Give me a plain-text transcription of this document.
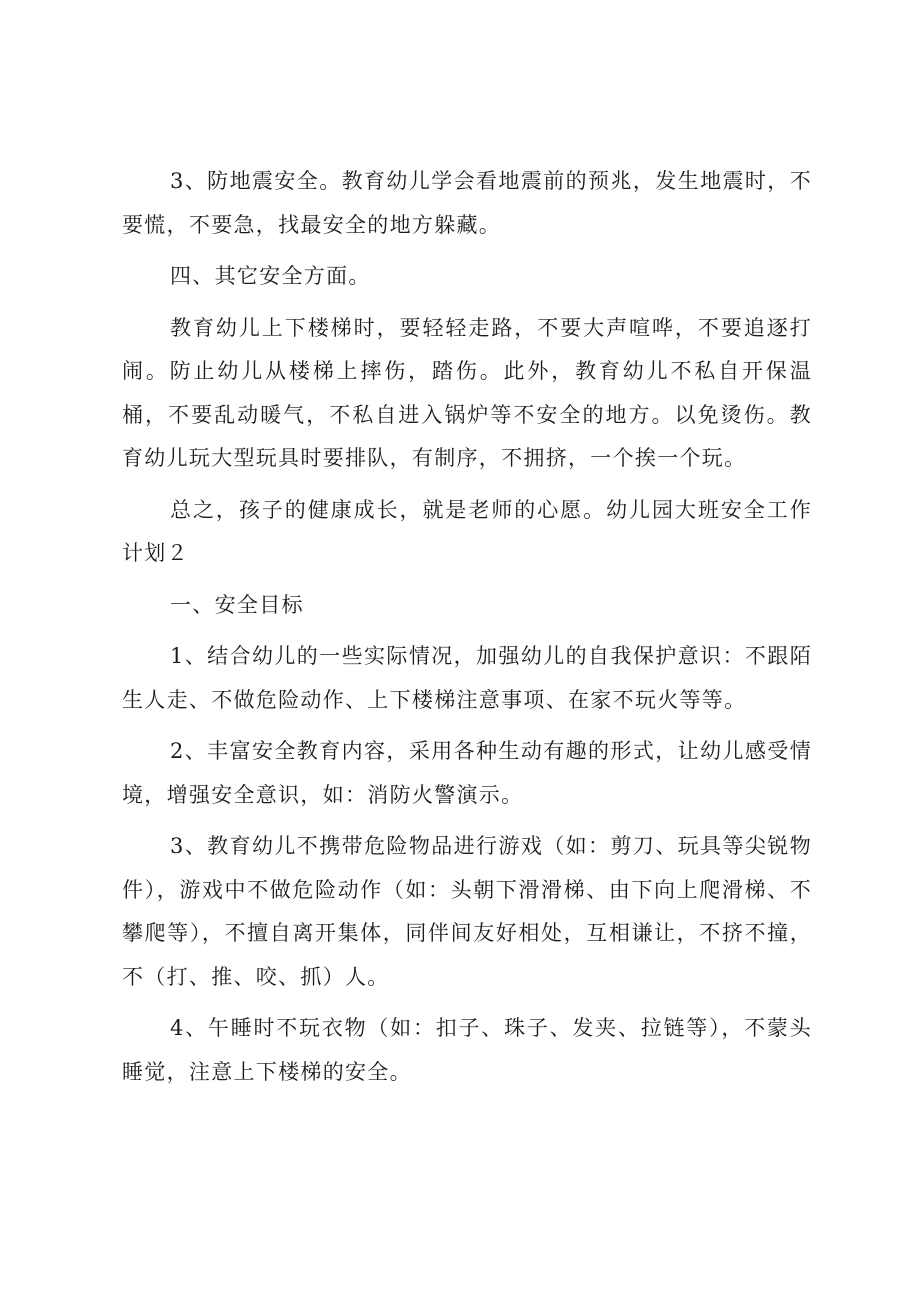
3、防地震安全。教育幼儿学会看地震前的预兆，发生地震时，不要慌，不要急，找最安全的地方躲藏。

四、其它安全方面。

教育幼儿上下楼梯时，要轻轻走路，不要大声喧哗，不要追逐打闹。防止幼儿从楼梯上摔伤，踏伤。此外，教育幼儿不私自开保温桶，不要乱动暖气，不私自进入锅炉等不安全的地方。以免烫伤。教育幼儿玩大型玩具时要排队，有制序，不拥挤，一个挨一个玩。

总之，孩子的健康成长，就是老师的心愿。幼儿园大班安全工作计划２

一、安全目标

1、结合幼儿的一些实际情况，加强幼儿的自我保护意识：不跟陌生人走、不做危险动作、上下楼梯注意事项、在家不玩火等等。

2、丰富安全教育内容，采用各种生动有趣的形式，让幼儿感受情境，增强安全意识，如：消防火警演示。

3、教育幼儿不携带危险物品进行游戏（如：剪刀、玩具等尖锐物件），游戏中不做危险动作（如：头朝下滑滑梯、由下向上爬滑梯、不攀爬等），不擅自离开集体，同伴间友好相处，互相谦让，不挤不撞，不（打、推、咬、抓）人。

4、午睡时不玩衣物（如：扣子、珠子、发夹、拉链等），不蒙头睡觉，注意上下楼梯的安全。
